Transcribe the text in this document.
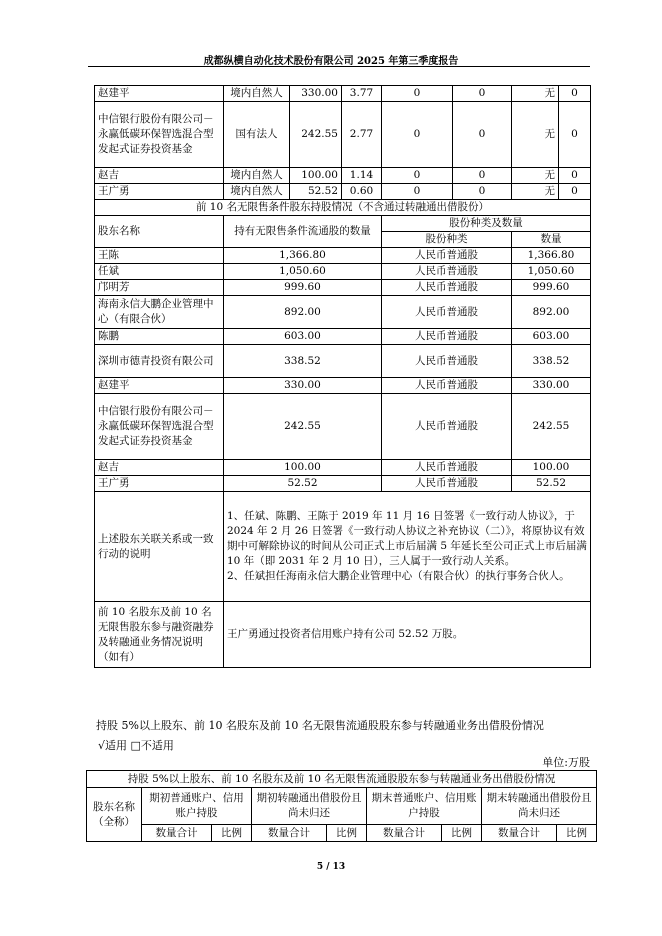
成都纵横自动化技术股份有限公司 2025 年第三季度报告
赵建平	境内自然人	330.00	3.77	0	0	无	0
中信银行股份有限公司－永赢低碳环保智选混合型发起式证券投资基金	国有法人	242.55	2.77	0	0	无	0
赵吉	境内自然人	100.00	1.14	0	0	无	0
王广勇	境内自然人	52.52	0.60	0	0	无	0
前 10 名无限售条件股东持股情况（不含通过转融通出借股份）							
股东名称	持有无限售条件流通股的数量			股份种类及数量			
				股份种类		数量	
王陈	1,366.80			人民币普通股		1,366.80	
任斌	1,050.60			人民币普通股		1,050.60	
邝明芳	999.60			人民币普通股		999.60	
海南永信大鹏企业管理中心（有限合伙）	892.00			人民币普通股		892.00	
陈鹏	603.00			人民币普通股		603.00	
深圳市德青投资有限公司	338.52			人民币普通股		338.52	
赵建平	330.00			人民币普通股		330.00	
中信银行股份有限公司－永赢低碳环保智选混合型发起式证券投资基金	242.55			人民币普通股		242.55	
赵吉	100.00			人民币普通股		100.00	
王广勇	52.52			人民币普通股		52.52	
上述股东关联关系或一致行动的说明	1、任斌、陈鹏、王陈于 2019 年 11 月 16 日签署《一致行动人协议》，于 2024 年 2 月 26 日签署《一致行动人协议之补充协议（二）》，将原协议有效期中可解除协议的时间从公司正式上市后届满 5 年延长至公司正式上市后届满 10 年（即 2031 年 2 月 10 日），三人属于一致行动人关系。
2、任斌担任海南永信大鹏企业管理中心（有限合伙）的执行事务合伙人。						

前 10 名股东及前 10 名无限售股东参与融资融券及转融通业务情况说明（如有）	王广勇通过投资者信用账户持有公司 52.52 万股。						
持股 5%以上股东、前 10 名股东及前 10 名无限售流通股股东参与转融通业务出借股份情况
√适用 □不适用
单位:万股
持股 5%以上股东、前 10 名股东及前 10 名无限售流通股股东参与转融通业务出借股份情况								
股东名称（全称）	期初普通账户、信用账户持股		期初转融通出借股份且尚未归还		期末普通账户、信用账户持股		期末转融通出借股份且尚未归还	
	数量合计	比例	数量合计	比例	数量合计	比例	数量合计	比例
5 / 13
